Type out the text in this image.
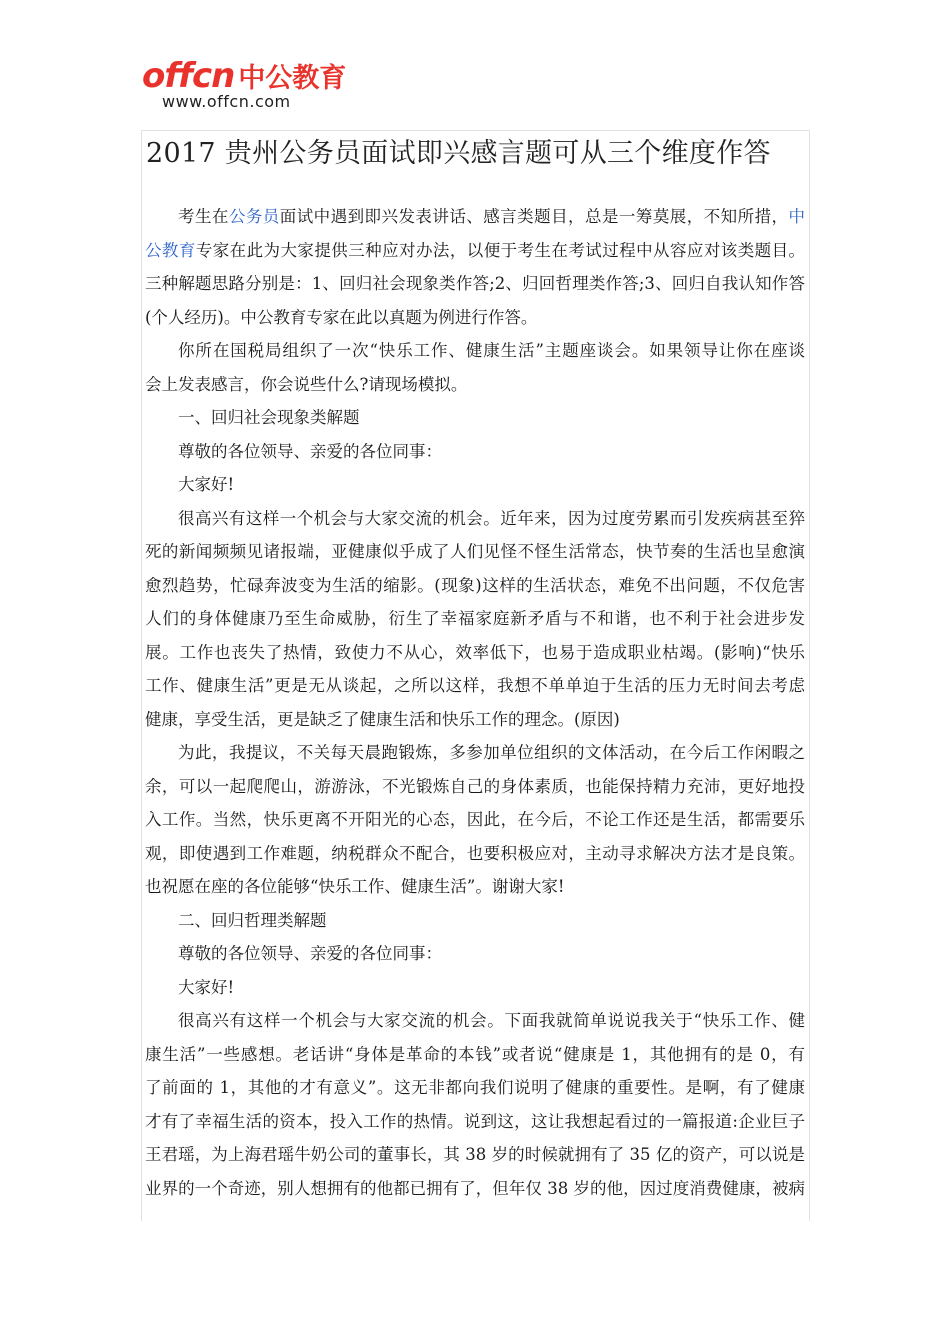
offcn 中公教育
www.offcn.com
2017 贵州公务员面试即兴感言题可从三个维度作答
考生在公务员面试中遇到即兴发表讲话、感言类题目，总是一筹莫展，不知所措，中
公教育专家在此为大家提供三种应对办法，以便于考生在考试过程中从容应对该类题目。
三种解题思路分别是：1、回归社会现象类作答;2、归回哲理类作答;3、回归自我认知作答
(个人经历)。中公教育专家在此以真题为例进行作答。
你所在国税局组织了一次“快乐工作、健康生活”主题座谈会。如果领导让你在座谈
会上发表感言，你会说些什么?请现场模拟。
一、回归社会现象类解题
尊敬的各位领导、亲爱的各位同事：
大家好!
很高兴有这样一个机会与大家交流的机会。近年来，因为过度劳累而引发疾病甚至猝
死的新闻频频见诸报端，亚健康似乎成了人们见怪不怪生活常态，快节奏的生活也呈愈演
愈烈趋势，忙碌奔波变为生活的缩影。(现象)这样的生活状态，难免不出问题，不仅危害
人们的身体健康乃至生命威胁，衍生了幸福家庭新矛盾与不和谐，也不利于社会进步发
展。工作也丧失了热情，致使力不从心，效率低下，也易于造成职业枯竭。(影响)“快乐
工作、健康生活”更是无从谈起，之所以这样，我想不单单迫于生活的压力无时间去考虑
健康，享受生活，更是缺乏了健康生活和快乐工作的理念。(原因)
为此，我提议，不关每天晨跑锻炼，多参加单位组织的文体活动，在今后工作闲暇之
余，可以一起爬爬山，游游泳，不光锻炼自己的身体素质，也能保持精力充沛，更好地投
入工作。当然，快乐更离不开阳光的心态，因此，在今后，不论工作还是生活，都需要乐
观，即使遇到工作难题，纳税群众不配合，也要积极应对，主动寻求解决方法才是良策。
也祝愿在座的各位能够“快乐工作、健康生活”。谢谢大家!
二、回归哲理类解题
尊敬的各位领导、亲爱的各位同事：
大家好!
很高兴有这样一个机会与大家交流的机会。下面我就简单说说我关于“快乐工作、健
康生活”一些感想。老话讲“身体是革命的本钱”或者说“健康是 1，其他拥有的是 0，有
了前面的 1，其他的才有意义”。这无非都向我们说明了健康的重要性。是啊，有了健康
才有了幸福生活的资本，投入工作的热情。说到这，这让我想起看过的一篇报道:企业巨子
王君瑶，为上海君瑶牛奶公司的董事长，其 38 岁的时候就拥有了 35 亿的资产，可以说是
业界的一个奇迹，别人想拥有的他都已拥有了，但年仅 38 岁的他，因过度消费健康，被病
